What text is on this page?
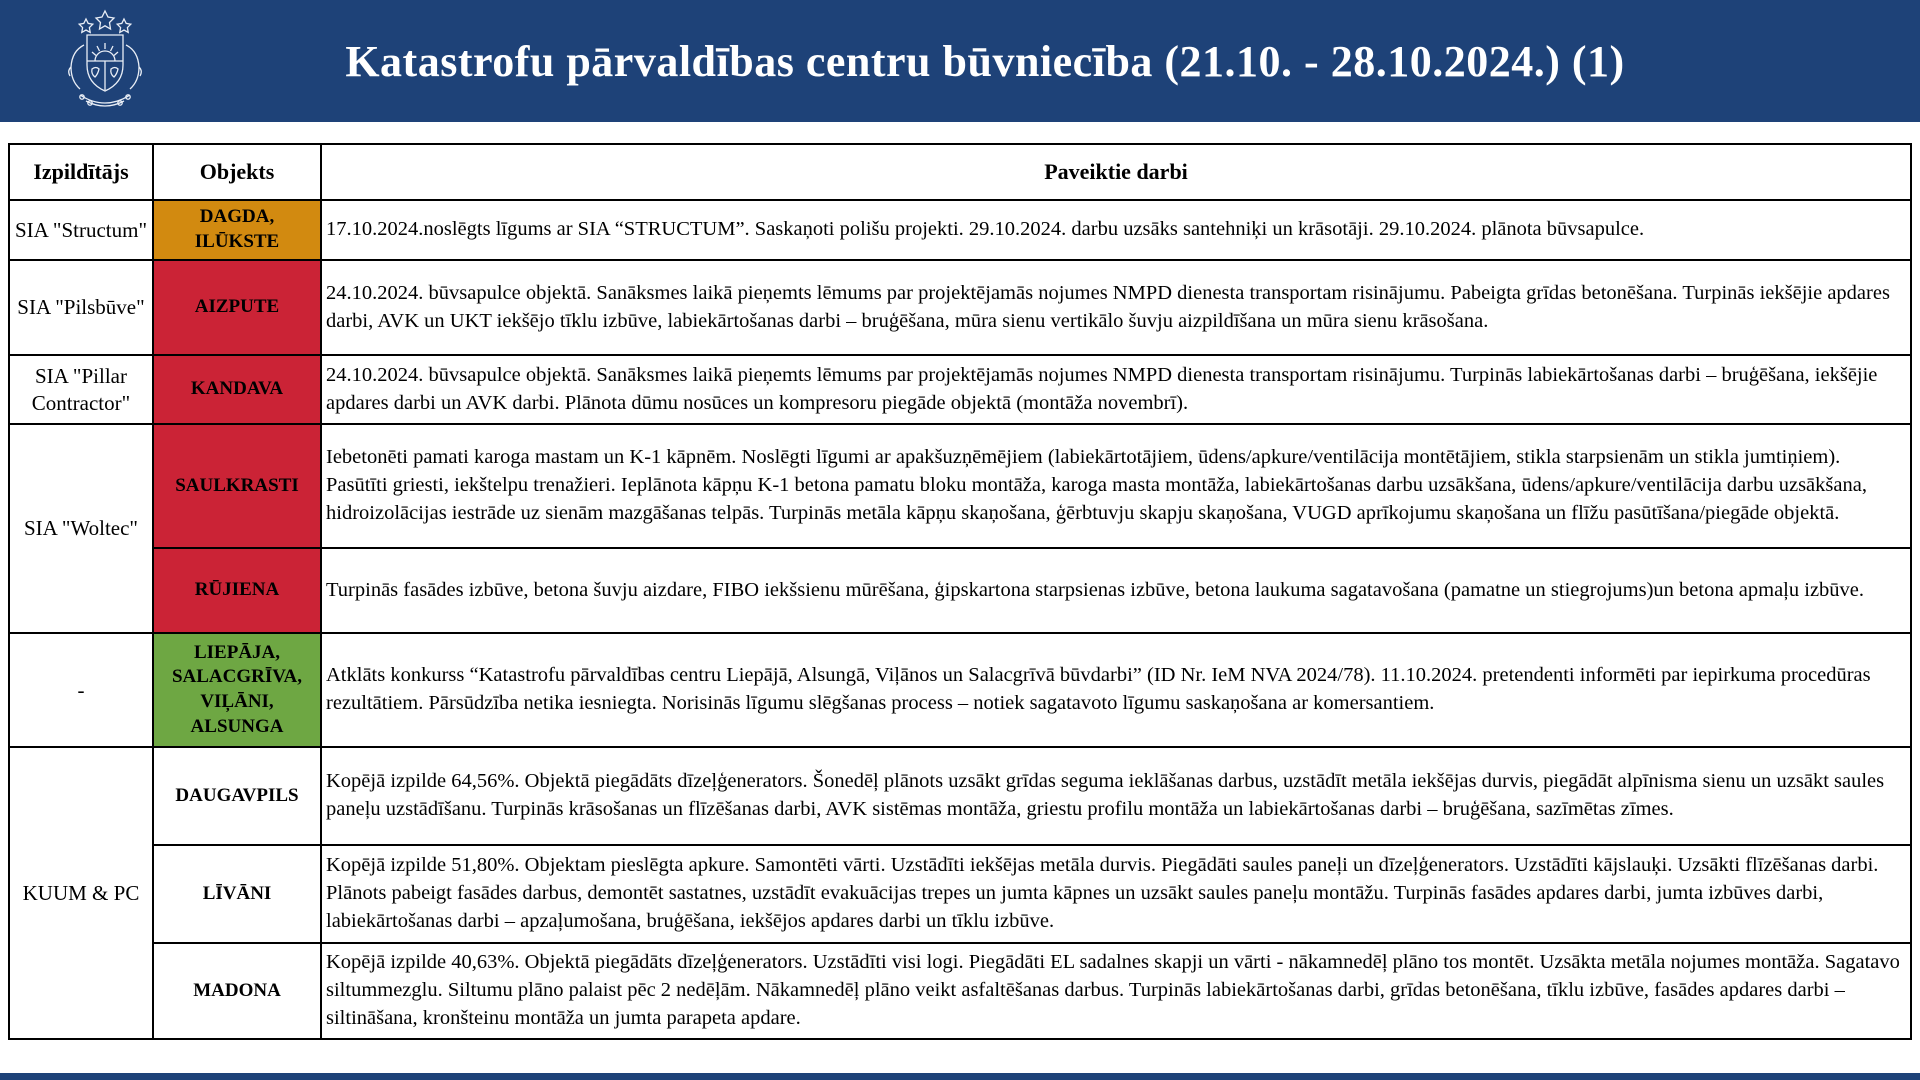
Katastrofu pārvaldības centru būvniecība (21.10. - 28.10.2024.) (1)
Izpildītājs	Objekts	Paveiktie darbi
SIA "Structum"	DAGDA, ILŪKSTE	17.10.2024.noslēgts līgums ar SIA “STRUCTUM”. Saskaņoti polišu projekti. 29.10.2024. darbu uzsāks santehniķi un krāsotāji. 29.10.2024. plānota būvsapulce.
SIA "Pilsbūve"	AIZPUTE	24.10.2024. būvsapulce objektā. Sanāksmes laikā pieņemts lēmums par projektējamās nojumes NMPD dienesta transportam risinājumu. Pabeigta grīdas betonēšana. Turpinās iekšējie apdares darbi, AVK un UKT iekšējo tīklu izbūve, labiekārtošanas darbi – bruģēšana, mūra sienu vertikālo šuvju aizpildīšana un mūra sienu krāsošana.
SIA "Pillar Contractor"	KANDAVA	24.10.2024. būvsapulce objektā. Sanāksmes laikā pieņemts lēmums par projektējamās nojumes NMPD dienesta transportam risinājumu. Turpinās labiekārtošanas darbi – bruģēšana, iekšējie apdares darbi un AVK darbi. Plānota dūmu nosūces un kompresoru piegāde objektā (montāža novembrī).
SIA "Woltec"	SAULKRASTI	Iebetonēti pamati karoga mastam un K-1 kāpnēm. Noslēgti līgumi ar apakšuzņēmējiem (labiekārtotājiem, ūdens/apkure/ventilācija montētājiem, stikla starpsienām un stikla jumtiņiem). Pasūtīti griesti, iekštelpu trenažieri. Ieplānota kāpņu K-1 betona pamatu bloku montāža, karoga masta montāža, labiekārtošanas darbu uzsākšana, ūdens/apkure/ventilācija darbu uzsākšana, hidroizolācijas iestrāde uz sienām mazgāšanas telpās. Turpinās metāla kāpņu skaņošana, ģērbtuvju skapju skaņošana, VUGD aprīkojumu skaņošana un flīžu pasūtīšana/piegāde objektā.
	RŪJIENA	Turpinās fasādes izbūve, betona šuvju aizdare, FIBO iekšsienu mūrēšana, ģipskartona starpsienas izbūve, betona laukuma sagatavošana (pamatne un stiegrojums)un betona apmaļu izbūve.
-	LIEPĀJA, SALACGRĪVA, VIĻĀNI, ALSUNGA	Atklāts konkurss “Katastrofu pārvaldības centru Liepājā, Alsungā, Viļānos un Salacgrīvā būvdarbi” (ID Nr. IeM NVA 2024/78). 11.10.2024. pretendenti informēti par iepirkuma procedūras rezultātiem. Pārsūdzība netika iesniegta. Norisinās līgumu slēgšanas process – notiek sagatavoto līgumu saskaņošana ar komersantiem.
KUUM & PC	DAUGAVPILS	Kopējā izpilde 64,56%. Objektā piegādāts dīzeļģenerators. Šonedēļ plānots uzsākt grīdas seguma ieklāšanas darbus, uzstādīt metāla iekšējas durvis, piegādāt alpīnisma sienu un uzsākt saules paneļu uzstādīšanu. Turpinās krāsošanas un flīzēšanas darbi, AVK sistēmas montāža, griestu profilu montāža un labiekārtošanas darbi – bruģēšana, sazīmētas zīmes.
	LĪVĀNI	Kopējā izpilde 51,80%. Objektam pieslēgta apkure. Samontēti vārti. Uzstādīti iekšējas metāla durvis. Piegādāti saules paneļi un dīzeļģenerators. Uzstādīti kājslauķi. Uzsākti flīzēšanas darbi. Plānots pabeigt fasādes darbus, demontēt sastatnes, uzstādīt evakuācijas trepes un jumta kāpnes un uzsākt saules paneļu montāžu. Turpinās fasādes apdares darbi, jumta izbūves darbi, labiekārtošanas darbi – apzaļumošana, bruģēšana, iekšējos apdares darbi un tīklu izbūve.
	MADONA	Kopējā izpilde 40,63%. Objektā piegādāts dīzeļģenerators. Uzstādīti visi logi. Piegādāti EL sadalnes skapji un vārti - nākamnedēļ plāno tos montēt. Uzsākta metāla nojumes montāža. Sagatavo siltummezglu. Siltumu plāno palaist pēc 2 nedēļām. Nākamnedēļ plāno veikt asfaltēšanas darbus. Turpinās labiekārtošanas darbi, grīdas betonēšana, tīklu izbūve, fasādes apdares darbi – siltināšana, kronšteinu montāža un jumta parapeta apdare.
